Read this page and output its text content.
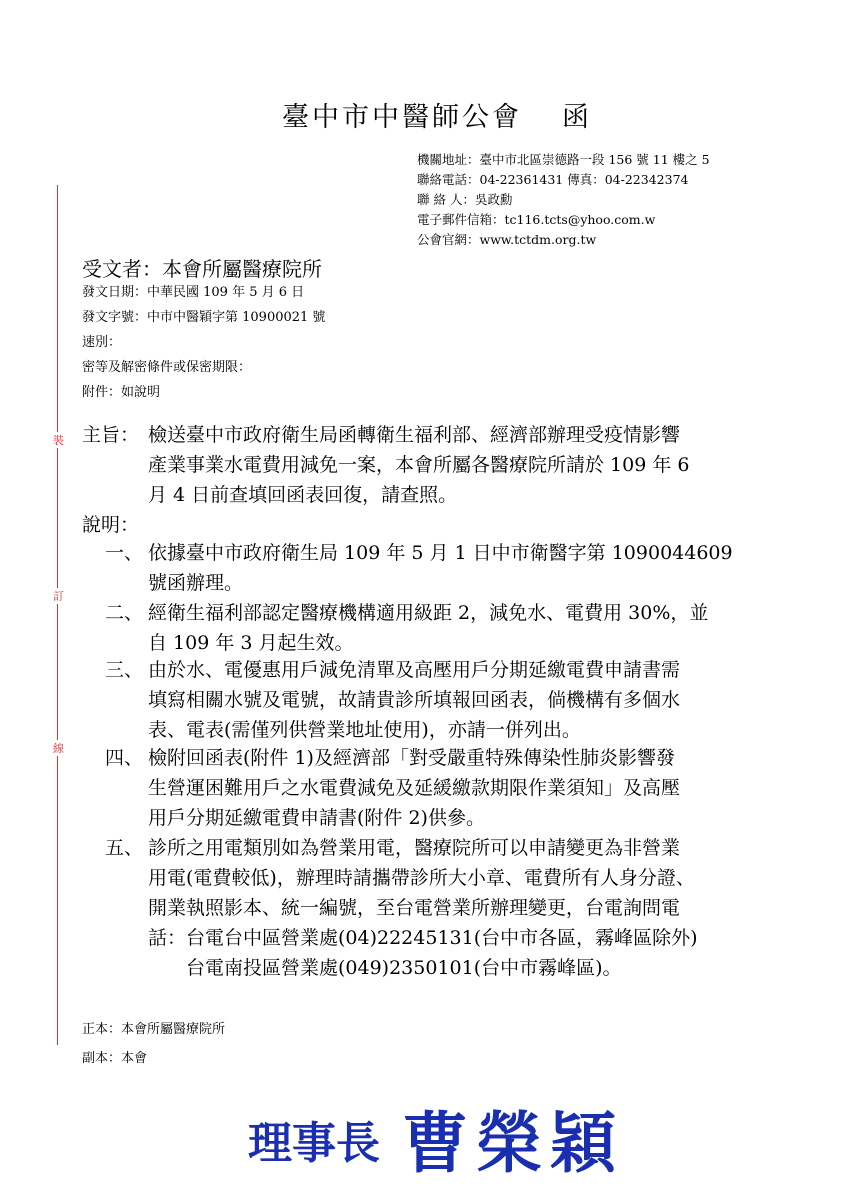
臺中市中醫師公會 函
機關地址：臺中市北區崇德路一段 156 號 11 樓之 5
聯絡電話：04-22361431 傳真：04-22342374
聯 絡 人：吳政勳
電子郵件信箱：tc116.tcts@yhoo.com.w
公會官網：www.tctdm.org.tw
受文者：本會所屬醫療院所
發文日期：中華民國 109 年 5 月 6 日
發文字號：中市中醫穎字第 10900021 號
速別：
密等及解密條件或保密期限：
附件：如說明
裝
訂
線
主旨： 檢送臺中市政府衛生局函轉衛生福利部、經濟部辦理受疫情影響
產業事業水電費用減免一案，本會所屬各醫療院所請於 109 年 6
月 4 日前查填回函表回復，請查照。
說明：
一、 依據臺中市政府衛生局 109 年 5 月 1 日中市衛醫字第 1090044609
號函辦理。
二、 經衛生福利部認定醫療機構適用級距 2，減免水、電費用 30%，並
自 109 年 3 月起生效。
三、 由於水、電優惠用戶減免清單及高壓用戶分期延繳電費申請書需
填寫相關水號及電號，故請貴診所填報回函表，倘機構有多個水
表、電表(需僅列供營業地址使用)，亦請一併列出。
四、 檢附回函表(附件 1)及經濟部「對受嚴重特殊傳染性肺炎影響發
生營運困難用戶之水電費減免及延緩繳款期限作業須知」及高壓
用戶分期延繳電費申請書(附件 2)供參。
五、 診所之用電類別如為營業用電，醫療院所可以申請變更為非營業
用電(電費較低)，辦理時請攜帶診所大小章、電費所有人身分證、
開業執照影本、統一編號，至台電營業所辦理變更，台電詢問電
話：台電台中區營業處(04)22245131(台中市各區，霧峰區除外)
　　台電南投區營業處(049)2350101(台中市霧峰區)。
正本：本會所屬醫療院所
副本：本會
理事長 曹榮穎
